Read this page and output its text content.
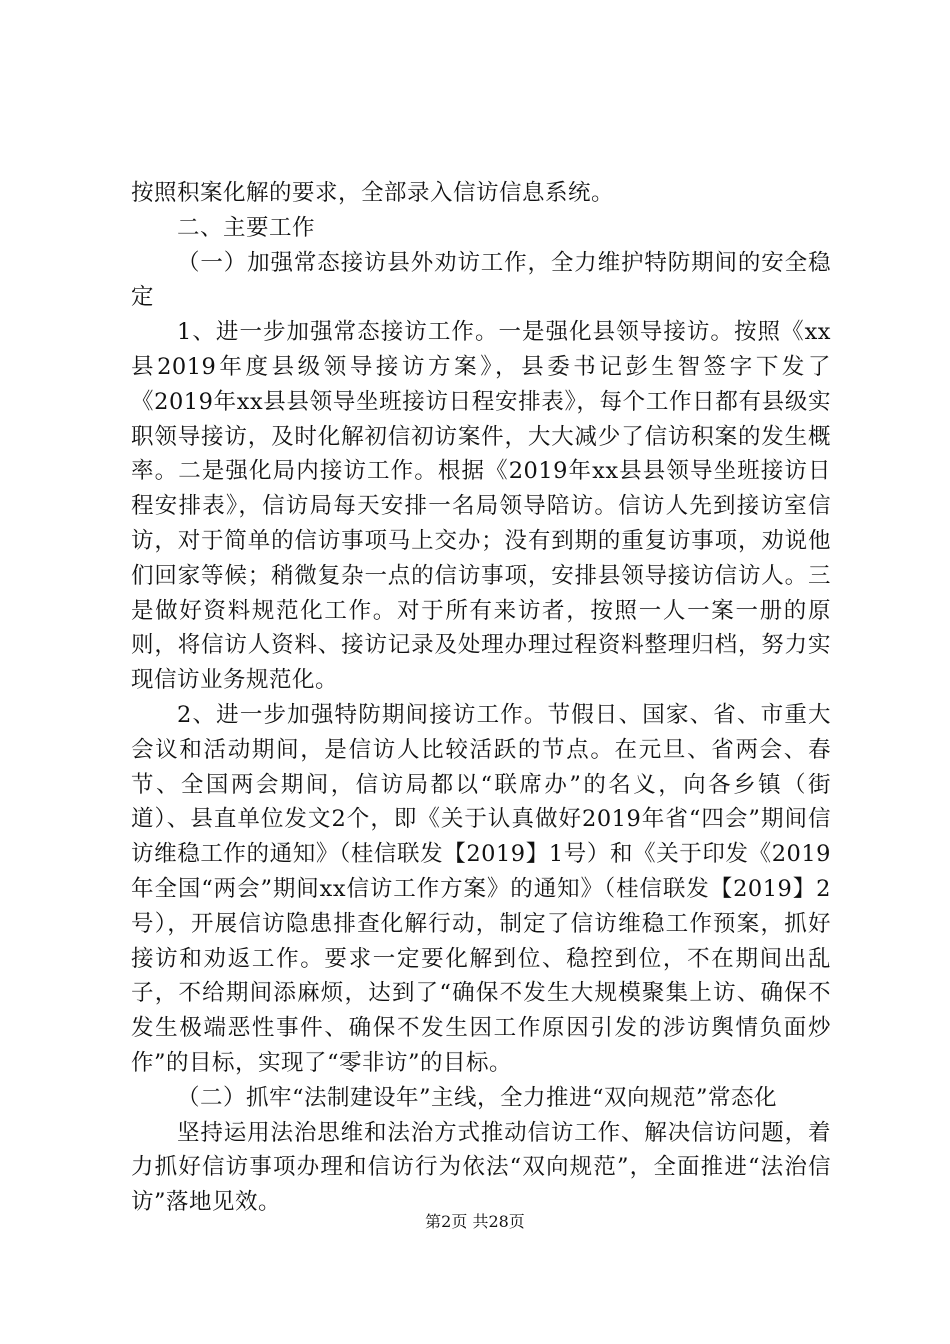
按照积案化解的要求，全部录入信访信息系统。

二、主要工作

（一）加强常态接访县外劝访工作，全力维护特防期间的安全稳定

1、进一步加强常态接访工作。一是强化县领导接访。按照《xx县2019年度县级领导接访方案》，县委书记彭生智签字下发了《2019年xx县县领导坐班接访日程安排表》，每个工作日都有县级实职领导接访，及时化解初信初访案件，大大减少了信访积案的发生概率。二是强化局内接访工作。根据《2019年xx县县领导坐班接访日程安排表》，信访局每天安排一名局领导陪访。信访人先到接访室信访，对于简单的信访事项马上交办；没有到期的重复访事项，劝说他们回家等候；稍微复杂一点的信访事项，安排县领导接访信访人。三是做好资料规范化工作。对于所有来访者，按照一人一案一册的原则，将信访人资料、接访记录及处理办理过程资料整理归档，努力实现信访业务规范化。

2、进一步加强特防期间接访工作。节假日、国家、省、市重大会议和活动期间，是信访人比较活跃的节点。在元旦、省两会、春节、全国两会期间，信访局都以“联席办”的名义，向各乡镇（街道）、县直单位发文2个，即《关于认真做好2019年省“四会”期间信访维稳工作的通知》（桂信联发【2019】1号）和《关于印发《2019年全国“两会”期间xx信访工作方案》的通知》（桂信联发【2019】2号），开展信访隐患排查化解行动，制定了信访维稳工作预案，抓好接访和劝返工作。要求一定要化解到位、稳控到位，不在期间出乱子，不给期间添麻烦，达到了“确保不发生大规模聚集上访、确保不发生极端恶性事件、确保不发生因工作原因引发的涉访舆情负面炒作”的目标，实现了“零非访”的目标。

（二）抓牢“法制建设年”主线，全力推进“双向规范”常态化

坚持运用法治思维和法治方式推动信访工作、解决信访问题，着力抓好信访事项办理和信访行为依法“双向规范”，全面推进“法治信访”落地见效。

第2页 共28页
